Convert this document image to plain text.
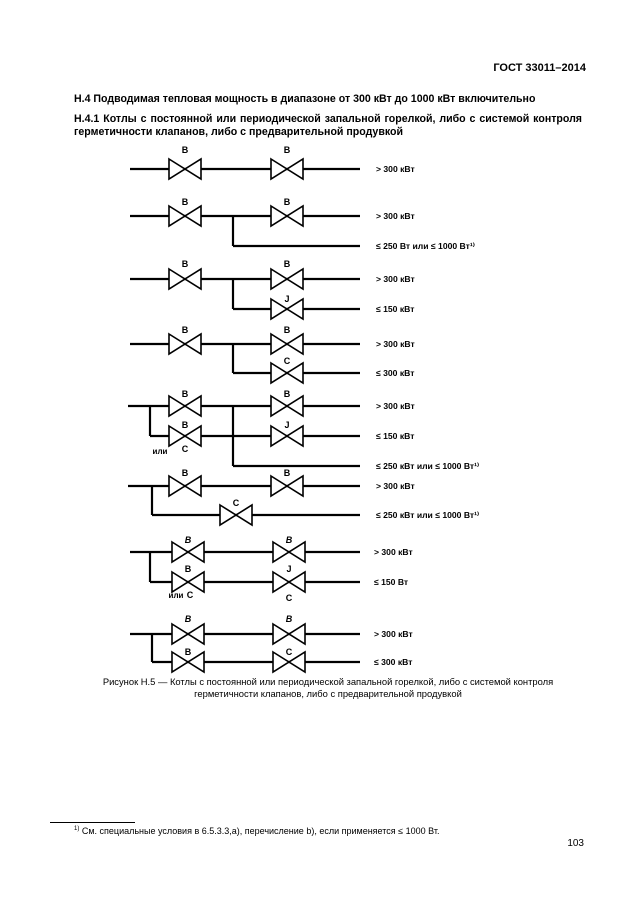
ГОСТ 33011–2014
Н.4 Подводимая тепловая мощность в диапазоне от 300 кВт до 1000 кВт включительно
Н.4.1 Котлы с постоянной или периодической запальной горелкой, либо с системой контроля герметичности клапанов, либо с предварительной продувкой
B	B
B	B
B	B
J
B	B
C
B	B
B
C
J
или
B	B
C
B	B
B
C
J
C
или
B	B
B	C
> 300 кВт
> 300 кВт
≤ 250 Вт или ≤ 1000 Вт¹⁾
> 300 кВт
≤ 150 кВт
> 300 кВт
≤ 300 кВт
> 300 кВт
≤ 150 кВт
≤ 250 кВт или ≤ 1000 Вт¹⁾
> 300 кВт
≤ 250 кВт или ≤ 1000 Вт¹⁾
> 300 кВт
≤ 150 Вт
> 300 кВт
≤ 300 кВт
Рисунок Н.5 — Котлы с постоянной или периодической запальной горелкой, либо с системой контроля
герметичности клапанов, либо с предварительной продувкой
$^{1)}$ См. специальные условия в 6.5.3.3,а), перечисление b), если применяется ≤ 1000 Вт.
103
